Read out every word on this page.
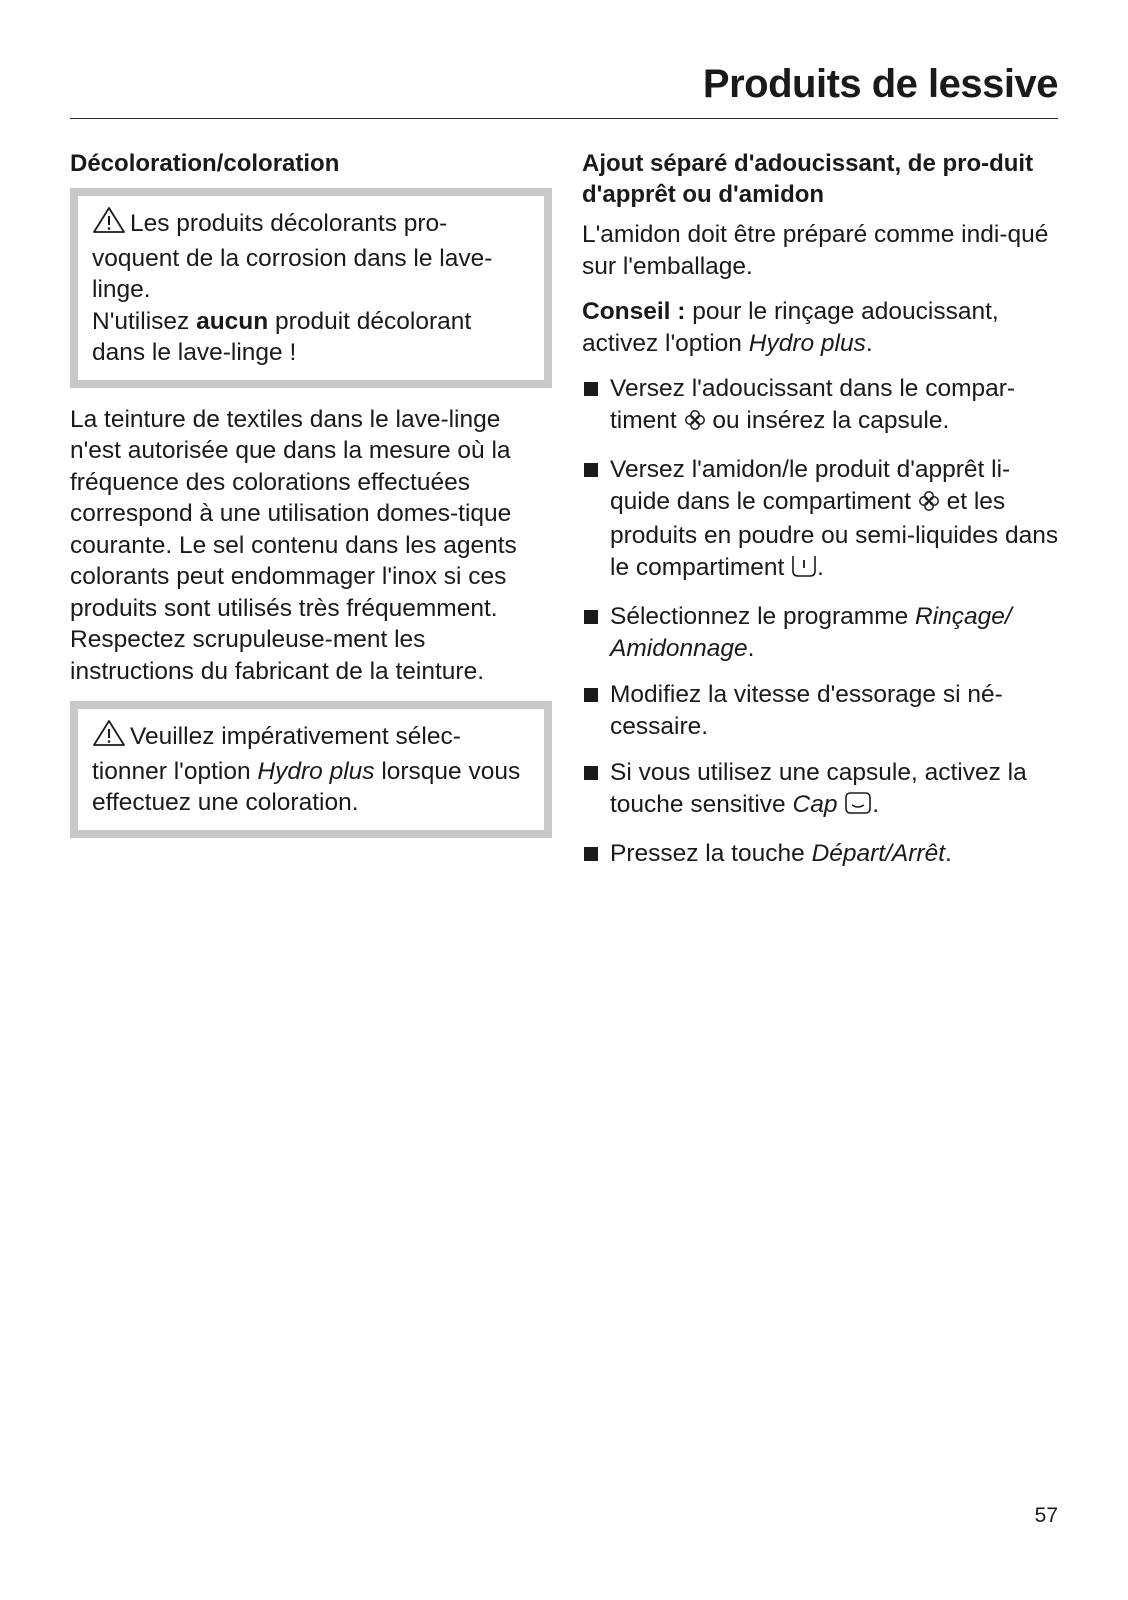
Produits de lessive
Décoloration/coloration

Les produits décolorants pro-voquent de la corrosion dans le lave-linge.

N'utilisez aucun produit décolorant dans le lave-linge !

La teinture de textiles dans le lave-linge n'est autorisée que dans la mesure où la fréquence des colorations effectuées correspond à une utilisation domes-tique courante. Le sel contenu dans les agents colorants peut endommager l'inox si ces produits sont utilisés très fréquemment. Respectez scrupuleuse-ment les instructions du fabricant de la teinture.

Veuillez impérativement sélec-tionner l'option Hydro plus lorsque vous effectuez une coloration.

Ajout séparé d'adoucissant, de pro-duit d'apprêt ou d'amidon

L'amidon doit être préparé comme indi-qué sur l'emballage.

Conseil : pour le rinçage adoucissant, activez l'option Hydro plus.

Versez l'adoucissant dans le compar-timent  ou insérez la capsule.
Versez l'amidon/le produit d'apprêt li-quide dans le compartiment  et les produits en poudre ou semi-liquides dans le compartiment .
Sélectionnez le programme Rinçage/ Amidonnage.
Modifiez la vitesse d'essorage si né-cessaire.
Si vous utilisez une capsule, activez la touche sensitive Cap .
Pressez la touche Départ/Arrêt.
57
